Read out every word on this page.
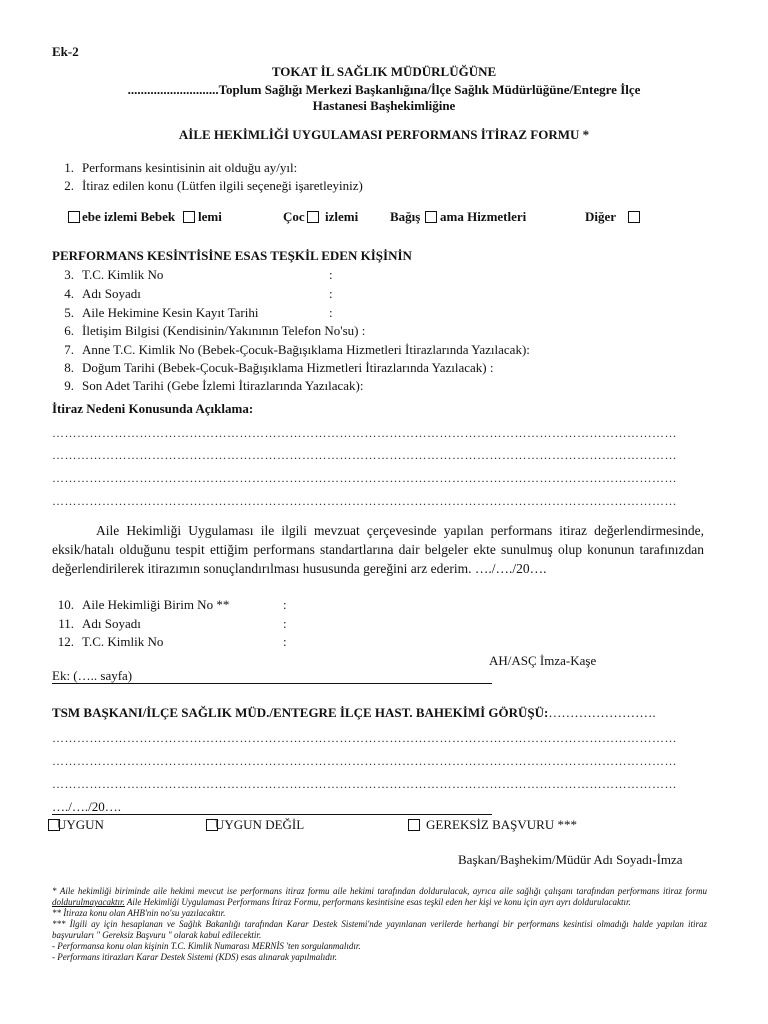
Ek-2
TOKAT İL SAĞLIK MÜDÜRLÜĞÜNE
............................Toplum Sağlığı Merkezi Başkanlığına/İlçe Sağlık Müdürlüğüne/Entegre İlçe
Hastanesi Başhekimliğine
AİLE HEKİMLİĞİ UYGULAMASI PERFORMANS İTİRAZ FORMU *
1. Performans kesintisinin ait olduğu ay/yıl:
2. İtiraz edilen konu (Lütfen ilgili seçeneği işaretleyiniz)
ebe izlemi Bebek lemi	Çoc izlemi Bağış ama Hizmetleri	Diğer
PERFORMANS KESİNTİSİNE ESAS TEŞKİL EDEN KİŞİNİN
3. T.C. Kimlik No	:
4. Adı Soyadı	:
5. Aile Hekimine Kesin Kayıt Tarihi	:
6. İletişim Bilgisi (Kendisinin/Yakınının Telefon No'su) :
7. Anne T.C. Kimlik No (Bebek-Çocuk-Bağışıklama Hizmetleri İtirazlarında Yazılacak):
8. Doğum Tarihi (Bebek-Çocuk-Bağışıklama Hizmetleri İtirazlarında Yazılacak) :
9. Son Adet Tarihi (Gebe İzlemi İtirazlarında Yazılacak):
İtiraz Nedeni Konusunda Açıklama:
……………………………………………………………………………………………………………………………………
……………………………………………………………………………………………………………………………………
……………………………………………………………………………………………………………………………………
……………………………………………………………………………………………………………………………………
Aile Hekimliği Uygulaması ile ilgili mevzuat çerçevesinde yapılan performans itiraz değerlendirmesinde, eksik/hatalı olduğunu tespit ettiğim performans standartlarına dair belgeler ekte sunulmuş olup konunun tarafınızdan değerlendirilerek itirazımın sonuçlandırılması hususunda gereğini arz ederim. …./…./20….
10. Aile Hekimliği Birim No **	:
11. Adı Soyadı	:
12. T.C. Kimlik No	:
AH/ASÇ İmza-Kaşe
Ek: (….. sayfa)
TSM BAŞKANI/İLÇE SAĞLIK MÜD./ENTEGRE İLÇE HAST. BAHEKİMİ GÖRÜŞÜ:…………………….
……………………………………………………………………………………………………………………………………
……………………………………………………………………………………………………………………………………
……………………………………………………………………………………………………………………………………
…./…./20….
UYGUN	UYGUN DEĞİL	GEREKSİZ BAŞVURU ***
Başkan/Başhekim/Müdür Adı Soyadı-İmza

* Aile hekimliği biriminde aile hekimi mevcut ise performans itiraz formu aile hekimi tarafından doldurulacak, ayrıca aile sağlığı çalışanı tarafından performans itiraz formu doldurulmayacaktır. Aile Hekimliği Uygulaması Performans İtiraz Formu, performans kesintisine esas teşkil eden her kişi ve konu için ayrı ayrı doldurulacaktır.

** İtiraza konu olan AHB'nin no'su yazılacaktır.

*** İlgili ay için hesaplanan ve Sağlık Bakanlığı tarafından Karar Destek Sistemi'nde yayınlanan verilerde herhangi bir performans kesintisi olmadığı halde yapılan itiraz başvuruları " Gereksiz Başvuru " olarak kabul edilecektir.

- Performansa konu olan kişinin T.C. Kimlik Numarası MERNİS 'ten sorgulanmalıdır.

- Performans itirazları Karar Destek Sistemi (KDS) esas alınarak yapılmalıdır.
